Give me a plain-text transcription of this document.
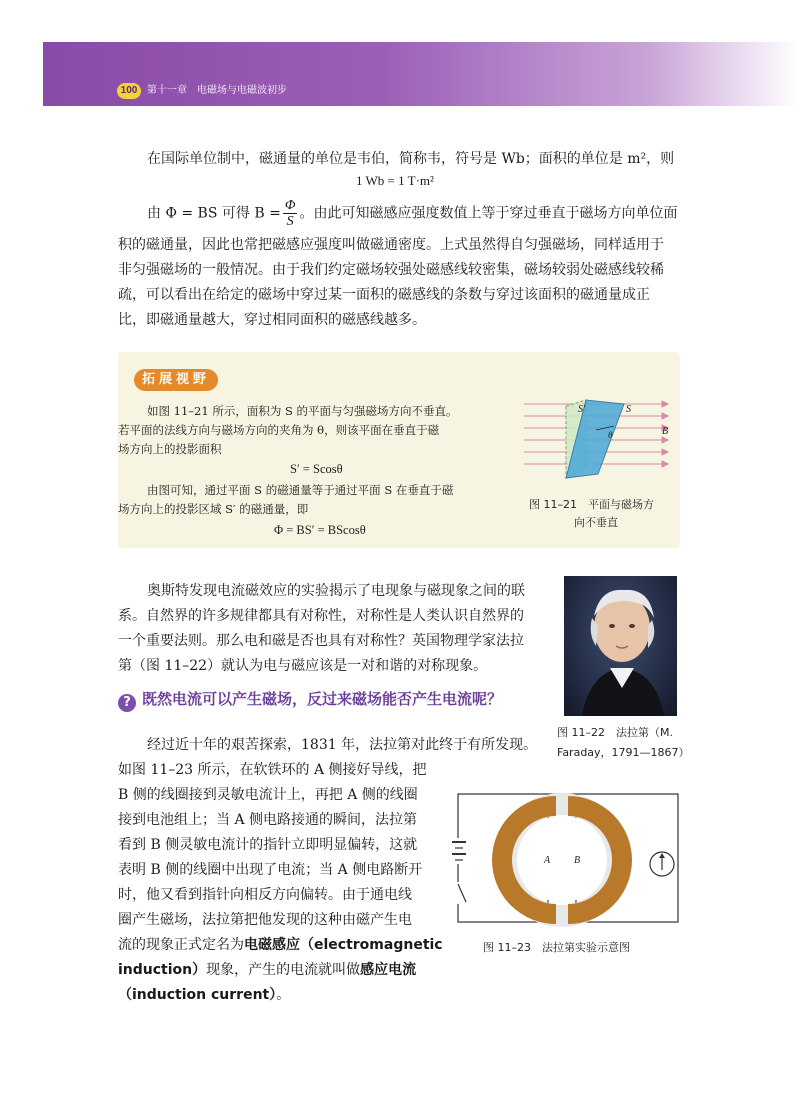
100 第十一章　电磁场与电磁波初步

在国际单位制中，磁通量的单位是韦伯，简称韦，符号是 Wb；面积的单位是 m²，则

1 Wb = 1 T·m²
由 Φ = BS 可得 $B = \frac{\Phi}{S}$ 。由此可知磁感应强度数值上等于穿过垂直于磁场方向单位面

积的磁通量，因此也常把磁感应强度叫做磁通密度。上式虽然得自匀强磁场，同样适用于

非匀强磁场的一般情况。由于我们约定磁场较强处磁感线较密集，磁场较弱处磁感线较稀

疏，可以看出在给定的磁场中穿过某一面积的磁感线的条数与穿过该面积的磁通量成正

比，即磁通量越大，穿过相同面积的磁感线越多。

拓展视野

如图 11–21 所示，面积为 S 的平面与匀强磁场方向不垂直。

若平面的法线方向与磁场方向的夹角为 θ，则该平面在垂直于磁

场方向上的投影面积

S′ = Scosθ

由图可知，通过平面 S 的磁通量等于通过平面 S 在垂直于磁

场方向上的投影区域 S′ 的磁通量，即

Φ = BS′ = BScosθ

S′	S
B
θ
图 11–21　平面与磁场方
向不垂直

奥斯特发现电流磁效应的实验揭示了电现象与磁现象之间的联

系。自然界的许多规律都具有对称性，对称性是人类认识自然界的

一个重要法则。那么电和磁是否也具有对称性？英国物理学家法拉

第（图 11–22）就认为电与磁应该是一对和谐的对称现象。

图 11–22　法拉第（M.
Faraday，1791—1867）
? 既然电流可以产生磁场，反过来磁场能否产生电流呢？

经过近十年的艰苦探索，1831 年，法拉第对此终于有所发现。

如图 11–23 所示，在软铁环的 A 侧接好导线，把

B 侧的线圈接到灵敏电流计上，再把 A 侧的线圈

接到电池组上；当 A 侧电路接通的瞬间，法拉第

看到 B 侧灵敏电流计的指针立即明显偏转，这就

表明 B 侧的线圈中出现了电流；当 A 侧电路断开

时，他又看到指针向相反方向偏转。由于通电线

圈产生磁场，法拉第把他发现的这种由磁产生电

流的现象正式定名为电磁感应（electromagnetic

induction）现象，产生的电流就叫做感应电流

（induction current）。

A B
图 11–23　法拉第实验示意图
